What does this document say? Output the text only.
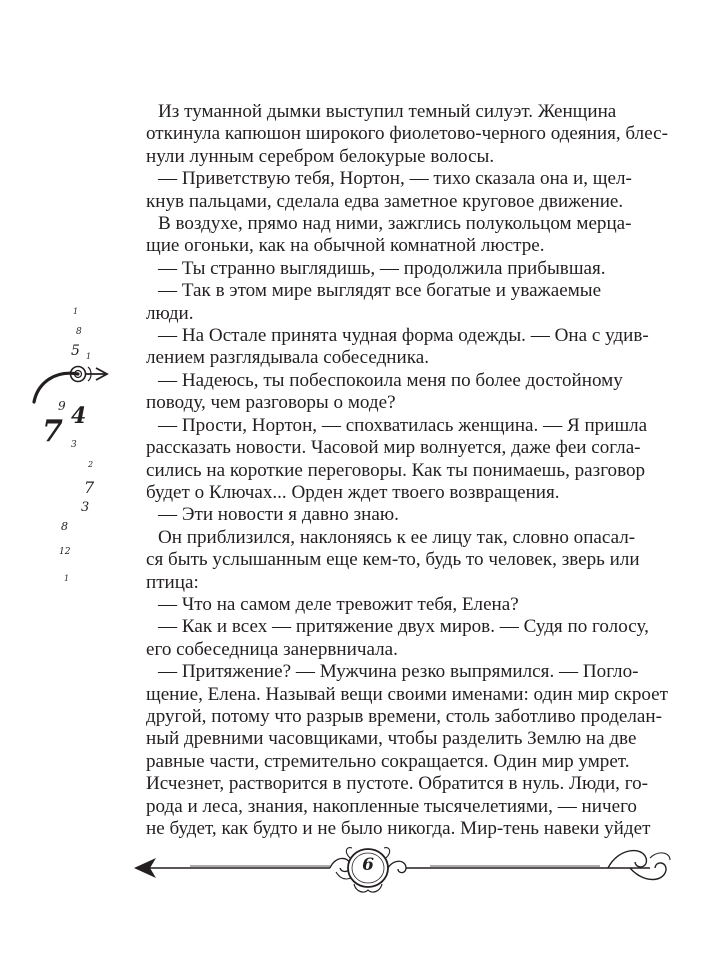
1
8
5 1
9 4
7 3
2
7
3
8
12
1

Из туманной дымки выступил темный силуэт. Женщина

откинула капюшон широкого фиолетово-черного одеяния, блес-

нули лунным серебром белокурые волосы.

— Приветствую тебя, Нортон, — тихо сказала она и, щел-

кнув пальцами, сделала едва заметное круговое движение.

В воздухе, прямо над ними, зажглись полукольцом мерца-

щие огоньки, как на обычной комнатной люстре.

— Ты странно выглядишь, — продолжила прибывшая.

— Так в этом мире выглядят все богатые и уважаемые

люди.

— На Остале принята чудная форма одежды. — Она с удив-

лением разглядывала собеседника.

— Надеюсь, ты побеспокоила меня по более достойному

поводу, чем разговоры о моде?

— Прости, Нортон, — спохватилась женщина. — Я пришла

рассказать новости. Часовой мир волнуется, даже феи согла-

сились на короткие переговоры. Как ты понимаешь, разговор

будет о Ключах... Орден ждет твоего возвращения.

— Эти новости я давно знаю.

Он приблизился, наклоняясь к ее лицу так, словно опасал-

ся быть услышанным еще кем-то, будь то человек, зверь или

птица:

— Что на самом деле тревожит тебя, Елена?

— Как и всех — притяжение двух миров. — Судя по голосу,

его собеседница занервничала.

— Притяжение? — Мужчина резко выпрямился. — Погло-

щение, Елена. Называй вещи своими именами: один мир скроет

другой, потому что разрыв времени, столь заботливо проделан-

ный древними часовщиками, чтобы разделить Землю на две

равные части, стремительно сокращается. Один мир умрет.

Исчезнет, растворится в пустоте. Обратится в нуль. Люди, го-

рода и леса, знания, накопленные тысячелетиями, — ничего

не будет, как будто и не было никогда. Мир-тень навеки уйдет

6
